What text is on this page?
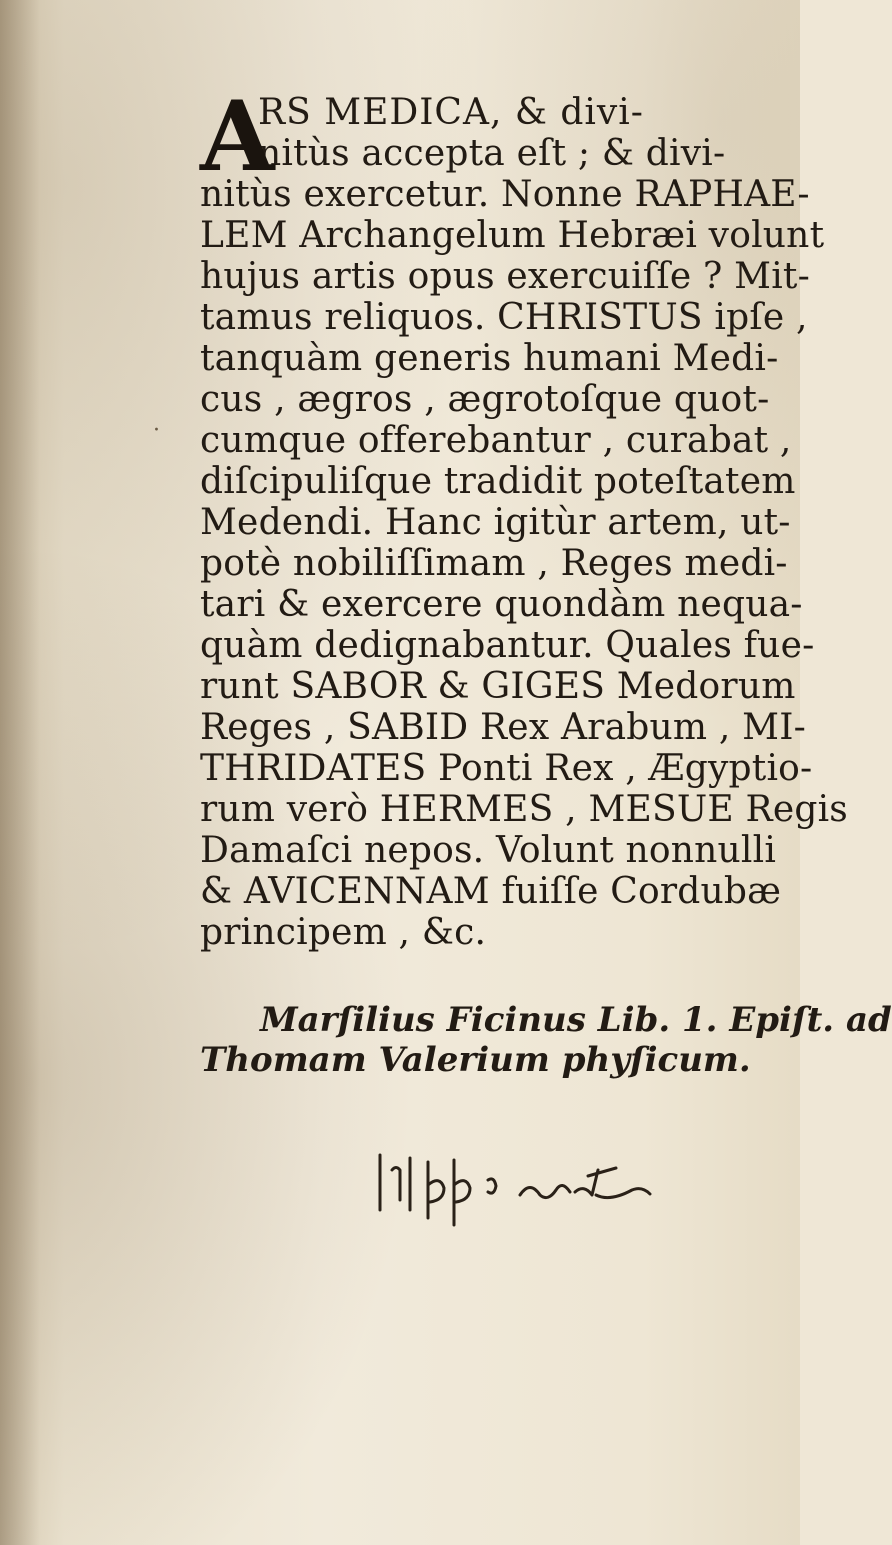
·
A
RS MEDICA, & divi-
nitùs accepta eſt ; & divi-
nitùs exercetur. Nonne RAPHAE-
LEM Archangelum Hebræi volunt
hujus artis opus exercuiſſe ? Mit-
tamus reliquos. CHRISTUS ipſe ,
tanquàm generis humani Medi-
cus , ægros , ægrotoſque quot-
cumque offerebantur , curabat ,
diſcipuliſque tradidit poteſtatem
Medendi. Hanc igitùr artem, ut-
potè nobiliſſimam , Reges medi-
tari & exercere quondàm nequa-
quàm dedignabantur. Quales fue-
runt SABOR & GIGES Medorum
Reges , SABID Rex Arabum , MI-
THRIDATES Ponti Rex , Ægyptio-
rum verò HERMES , MESUE Regis
Damaſci nepos. Volunt nonnulli
& AVICENNAM fuiſſe Cordubæ
principem , &c.
Marſilius Ficinus Lib. 1. Epiſt. ad
Thomam Valerium phyſicum.
